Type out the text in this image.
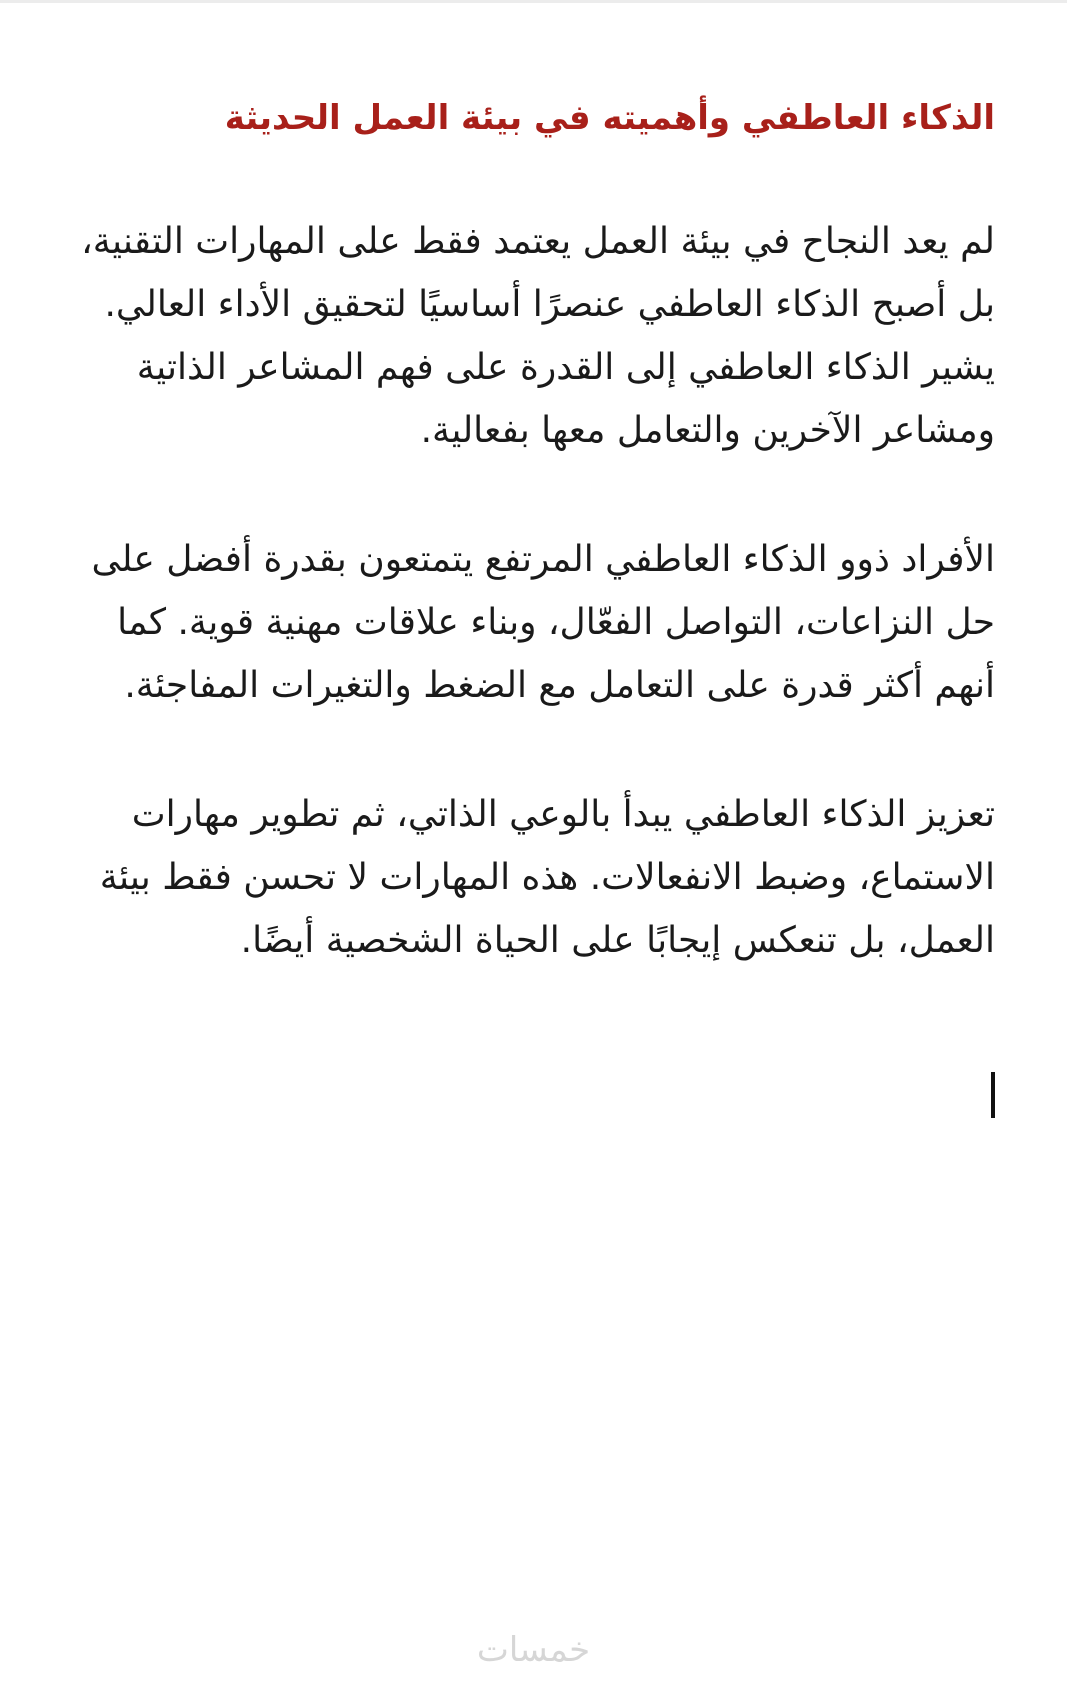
الذكاء العاطفي وأهميته في بيئة العمل الحديثة

لم يعد النجاح في بيئة العمل يعتمد فقط على المهارات التقنية، بل أصبح الذكاء العاطفي عنصرًا أساسيًا لتحقيق الأداء العالي. يشير الذكاء العاطفي إلى القدرة على فهم المشاعر الذاتية ومشاعر الآخرين والتعامل معها بفعالية.

الأفراد ذوو الذكاء العاطفي المرتفع يتمتعون بقدرة أفضل على حل النزاعات، التواصل الفعّال، وبناء علاقات مهنية قوية. كما أنهم أكثر قدرة على التعامل مع الضغط والتغيرات المفاجئة.

تعزيز الذكاء العاطفي يبدأ بالوعي الذاتي، ثم تطوير مهارات الاستماع، وضبط الانفعالات. هذه المهارات لا تحسن فقط بيئة العمل، بل تنعكس إيجابًا على الحياة الشخصية أيضًا.

خمسات
